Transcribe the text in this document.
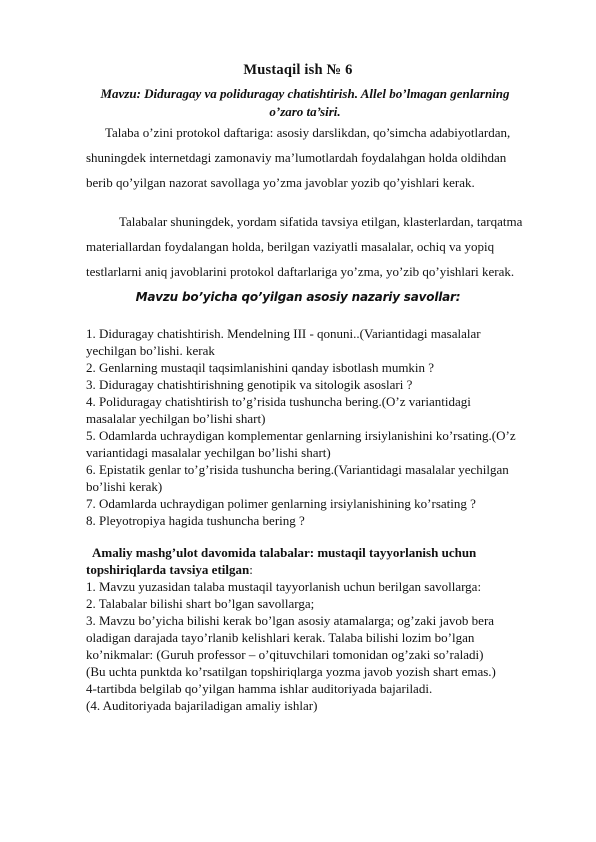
Mustaqil ish № 6
Mavzu: Diduragay va poliduragay chatishtirish. Allel bo’lmagan genlarning
o’zaro ta’siri.

Talaba o’zini protokol daftariga: asosiy darslikdan, qo’simcha adabiyotlardan,

shuningdek internetdagi zamonaviy ma’lumotlardah foydalahgan holda oldihdan

berib qo’yilgan nazorat savollaga yo’zma javoblar yozib qo’yishlari kerak.

Talabalar shuningdek, yordam sifatida tavsiya etilgan, klasterlardan, tarqatma

materiallardan foydalangan holda, berilgan vaziyatli masalalar, ochiq va yopiq

testlarlarni aniq javoblarini protokol daftarlariga yo’zma, yo’zib qo’yishlari kerak.

Mavzu bo’yicha qo’yilgan asosiy nazariy savollar:

1. Diduragay chatishtirish. Mendelning III - qonuni..(Variantidagi masalalar

yechilgan bo’lishi. kerak

2. Genlarning mustaqil taqsimlanishini qanday isbotlash mumkin ?

3. Diduragay chatishtirishning genotipik va sitologik asoslari ?

4. Poliduragay chatishtirish to’g’risida tushuncha bering.(O’z variantidagi

masalalar yechilgan bo’lishi shart)

5. Odamlarda uchraydigan komplementar genlarning irsiylanishini ko’rsating.(O’z

variantidagi masalalar yechilgan bo’lishi shart)

6. Epistatik genlar to’g’risida tushuncha bering.(Variantidagi masalalar yechilgan

bo’lishi kerak)

7. Odamlarda uchraydigan polimer genlarning irsiylanishining ko’rsating ?

8. Pleyotropiya hagida tushuncha bering ?

Amaliy mashg’ulot davomida talabalar: mustaqil tayyorlanish uchun

topshiriqlarda tavsiya etilgan:

1. Mavzu yuzasidan talaba mustaqil tayyorlanish uchun berilgan savollarga:

2. Talabalar bilishi shart bo’lgan savollarga;

3. Mavzu bo’yicha bilishi kerak bo’lgan asosiy atamalarga; og’zaki javob bera

oladigan darajada tayo’rlanib kelishlari kerak. Talaba bilishi lozim bo’lgan

ko’nikmalar: (Guruh professor – o’qituvchilari tomonidan og’zaki so’raladi)

(Bu uchta punktda ko’rsatilgan topshiriqlarga yozma javob yozish shart emas.)

4-tartibda belgilab qo’yilgan hamma ishlar auditoriyada bajariladi.

(4. Auditoriyada bajariladigan amaliy ishlar)
